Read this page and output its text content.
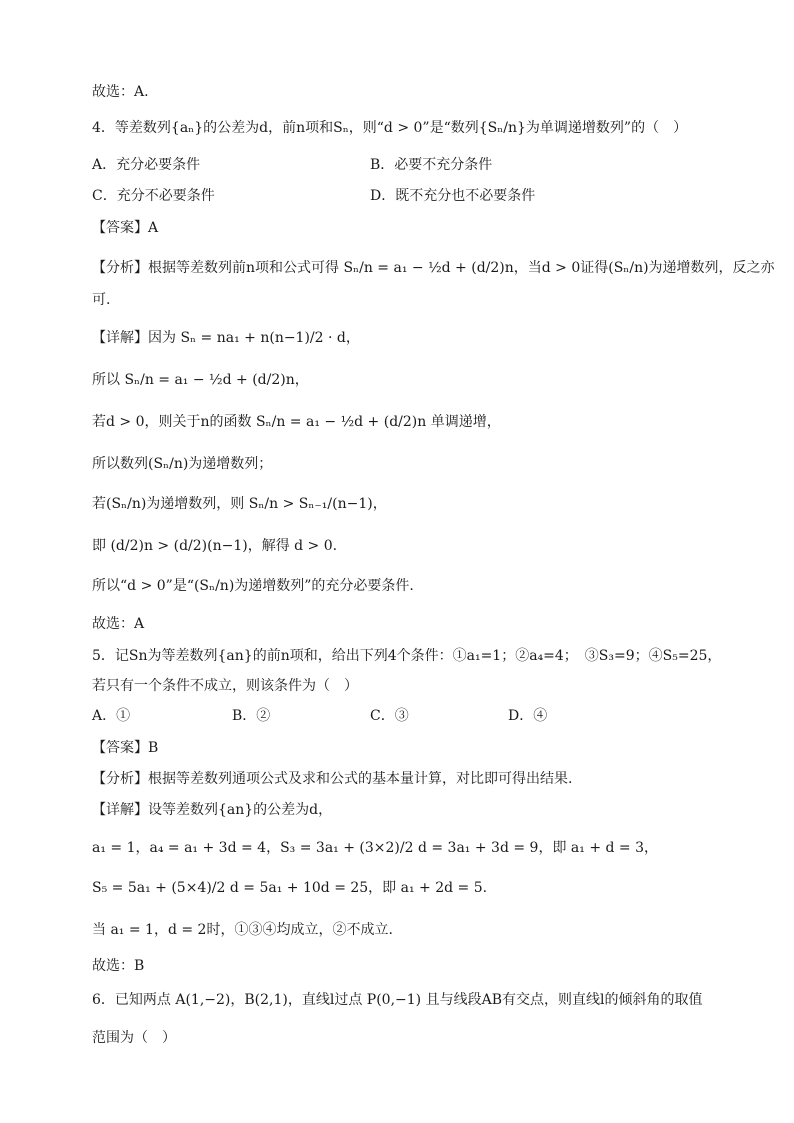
故选：A.
4．等差数列{aₙ}的公差为d，前n项和Sₙ，则“d > 0”是“数列{Sₙ/n}为单调递增数列”的（　）
A．充分必要条件	B．必要不充分条件
C．充分不必要条件	D．既不充分也不必要条件
【答案】A
【分析】根据等差数列前n项和公式可得 Sₙ/n = a₁ − ½d + (d/2)n，当d > 0证得(Sₙ/n)为递增数列，反之亦
可.
【详解】因为 Sₙ = na₁ + n(n−1)/2 · d，
所以 Sₙ/n = a₁ − ½d + (d/2)n，
若d > 0，则关于n的函数 Sₙ/n = a₁ − ½d + (d/2)n 单调递增，
所以数列(Sₙ/n)为递增数列；
若(Sₙ/n)为递增数列，则 Sₙ/n > Sₙ₋₁/(n−1)，
即 (d/2)n > (d/2)(n−1)，解得 d > 0.
所以“d > 0”是“(Sₙ/n)为递增数列”的充分必要条件.
故选：A
5．记Sn为等差数列{an}的前n项和，给出下列4个条件：①a₁=1；②a₄=4；　③S₃=9；④S₅=25，
若只有一个条件不成立，则该条件为（　）
A．①	B．②	C．③	D．④
【答案】B
【分析】根据等差数列通项公式及求和公式的基本量计算，对比即可得出结果.
【详解】设等差数列{an}的公差为d，
a₁ = 1，a₄ = a₁ + 3d = 4，S₃ = 3a₁ + (3×2)/2 d = 3a₁ + 3d = 9，即 a₁ + d = 3，
S₅ = 5a₁ + (5×4)/2 d = 5a₁ + 10d = 25，即 a₁ + 2d = 5.
当 a₁ = 1，d = 2时，①③④均成立，②不成立.
故选：B
6．已知两点 A(1,−2)，B(2,1)，直线l过点 P(0,−1) 且与线段AB有交点，则直线l的倾斜角的取值
范围为（　）
